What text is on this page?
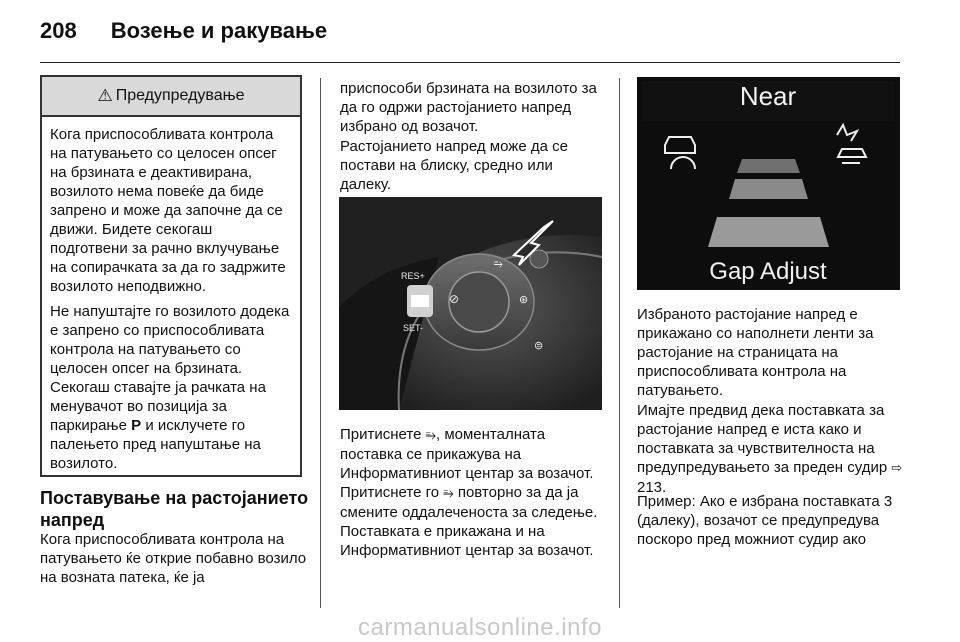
208 Возење и ракување
⚠ Предупредување

Кога приспособливата контрола на патувањето со целосен опсег на брзината е деактивирана, возилото нема повеќе да биде запрено и може да започне да се движи. Бидете секогаш подготвени за рачно вклучување на сопирачката за да го задржите возилото неподвижно.

Не напуштајте го возилото додека е запрено со приспособливата контрола на патувањето со целосен опсег на брзината. Секогаш ставајте ја рачката на менувачот во позиција за паркирање P и исклучете го палењето пред напуштање на возилото.

Поставување на растојанието напред

Кога приспособливата контрола на патувањето ќе открие побавно возило на возната патека, ќе ја

приспособи брзината на возилото за да го одржи растојанието напред избрано од возачот.

Растојанието напред може да се постави на блиску, средно или далеку.

RES+
SET-
⥱
⊘	⊛
⊜

Притиснете ⥱, моменталната поставка се прикажува на Информативниот центар за возачот. Притиснете го ⥱ повторно за да ја смените оддалеченоста за следење. Поставката е прикажана и на Информативниот центар за возачот.

Near
Gap Adjust

Избраното растојание напред е прикажано со наполнети ленти за растојание на страницата на приспособливата контрола на патувањето.

Имајте предвид дека поставката за растојание напред е иста како и поставката за чувствителноста на предупредувањето за преден судир ⇨ 213.

Пример: Ако е избрана поставката 3 (далеку), возачот се предупредува поскоро пред можниот судир ако

carmanualsonline.info
